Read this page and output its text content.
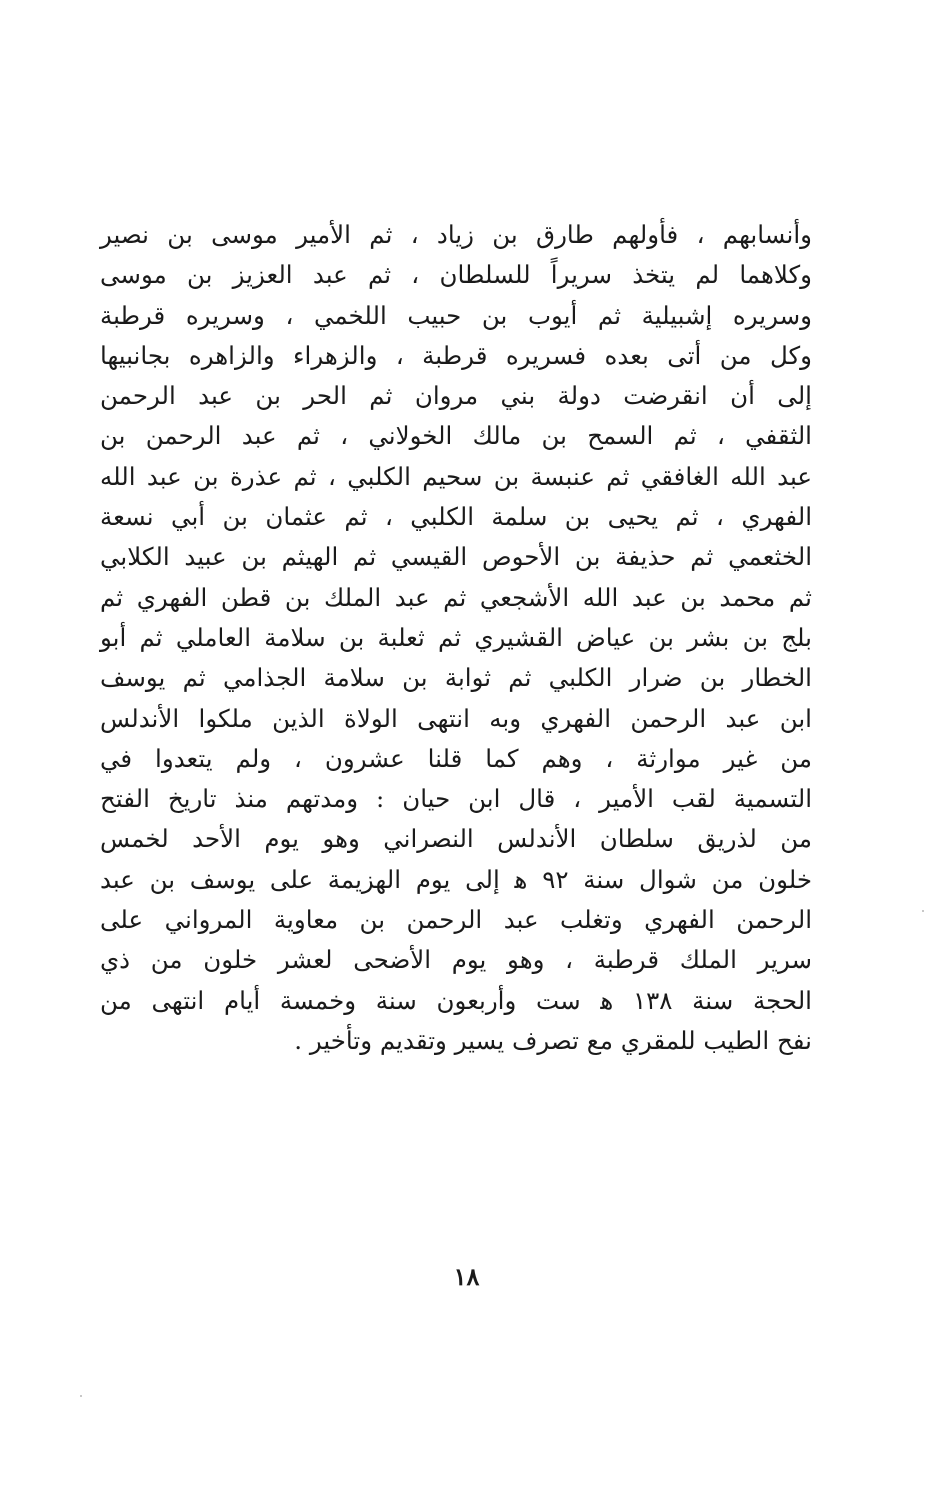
وأنسابهم ، فأولهم طارق بن زياد ، ثم الأمير موسى بن نصير
وكلاهما لم يتخذ سريراً للسلطان ، ثم عبد العزيز بن موسى
وسريره إشبيلية ثم أيوب بن حبيب اللخمي ، وسريره قرطبة
وكل من أتى بعده فسريره قرطبة ، والزهراء والزاهره بجانبيها
إلى أن انقرضت دولة بني مروان ثم الحر بن عبد الرحمن
الثقفي ، ثم السمح بن مالك الخولاني ، ثم عبد الرحمن بن
عبد الله الغافقي ثم عنبسة بن سحيم الكلبي ، ثم عذرة بن عبد الله
الفهري ، ثم يحيى بن سلمة الكلبي ، ثم عثمان بن أبي نسعة
الخثعمي ثم حذيفة بن الأحوص القيسي ثم الهيثم بن عبيد الكلابي
ثم محمد بن عبد الله الأشجعي ثم عبد الملك بن قطن الفهري ثم
بلج بن بشر بن عياض القشيري ثم ثعلبة بن سلامة العاملي ثم أبو
الخطار بن ضرار الكلبي ثم ثوابة بن سلامة الجذامي ثم يوسف
ابن عبد الرحمن الفهري وبه انتهى الولاة الذين ملكوا الأندلس
من غير موارثة ، وهم كما قلنا عشرون ، ولم يتعدوا في
التسمية لقب الأمير ، قال ابن حيان : ومدتهم منذ تاريخ الفتح
من لذريق سلطان الأندلس النصراني وهو يوم الأحد لخمس
خلون من شوال سنة ٩٢ ﻫ إلى يوم الهزيمة على يوسف بن عبد
الرحمن الفهري وتغلب عبد الرحمن بن معاوية المرواني على
سرير الملك قرطبة ، وهو يوم الأضحى لعشر خلون من ذي
الحجة سنة ١٣٨ ﻫ ست وأربعون سنة وخمسة أيام انتهى من
نفح الطيب للمقري مع تصرف يسير وتقديم وتأخير .
١٨
